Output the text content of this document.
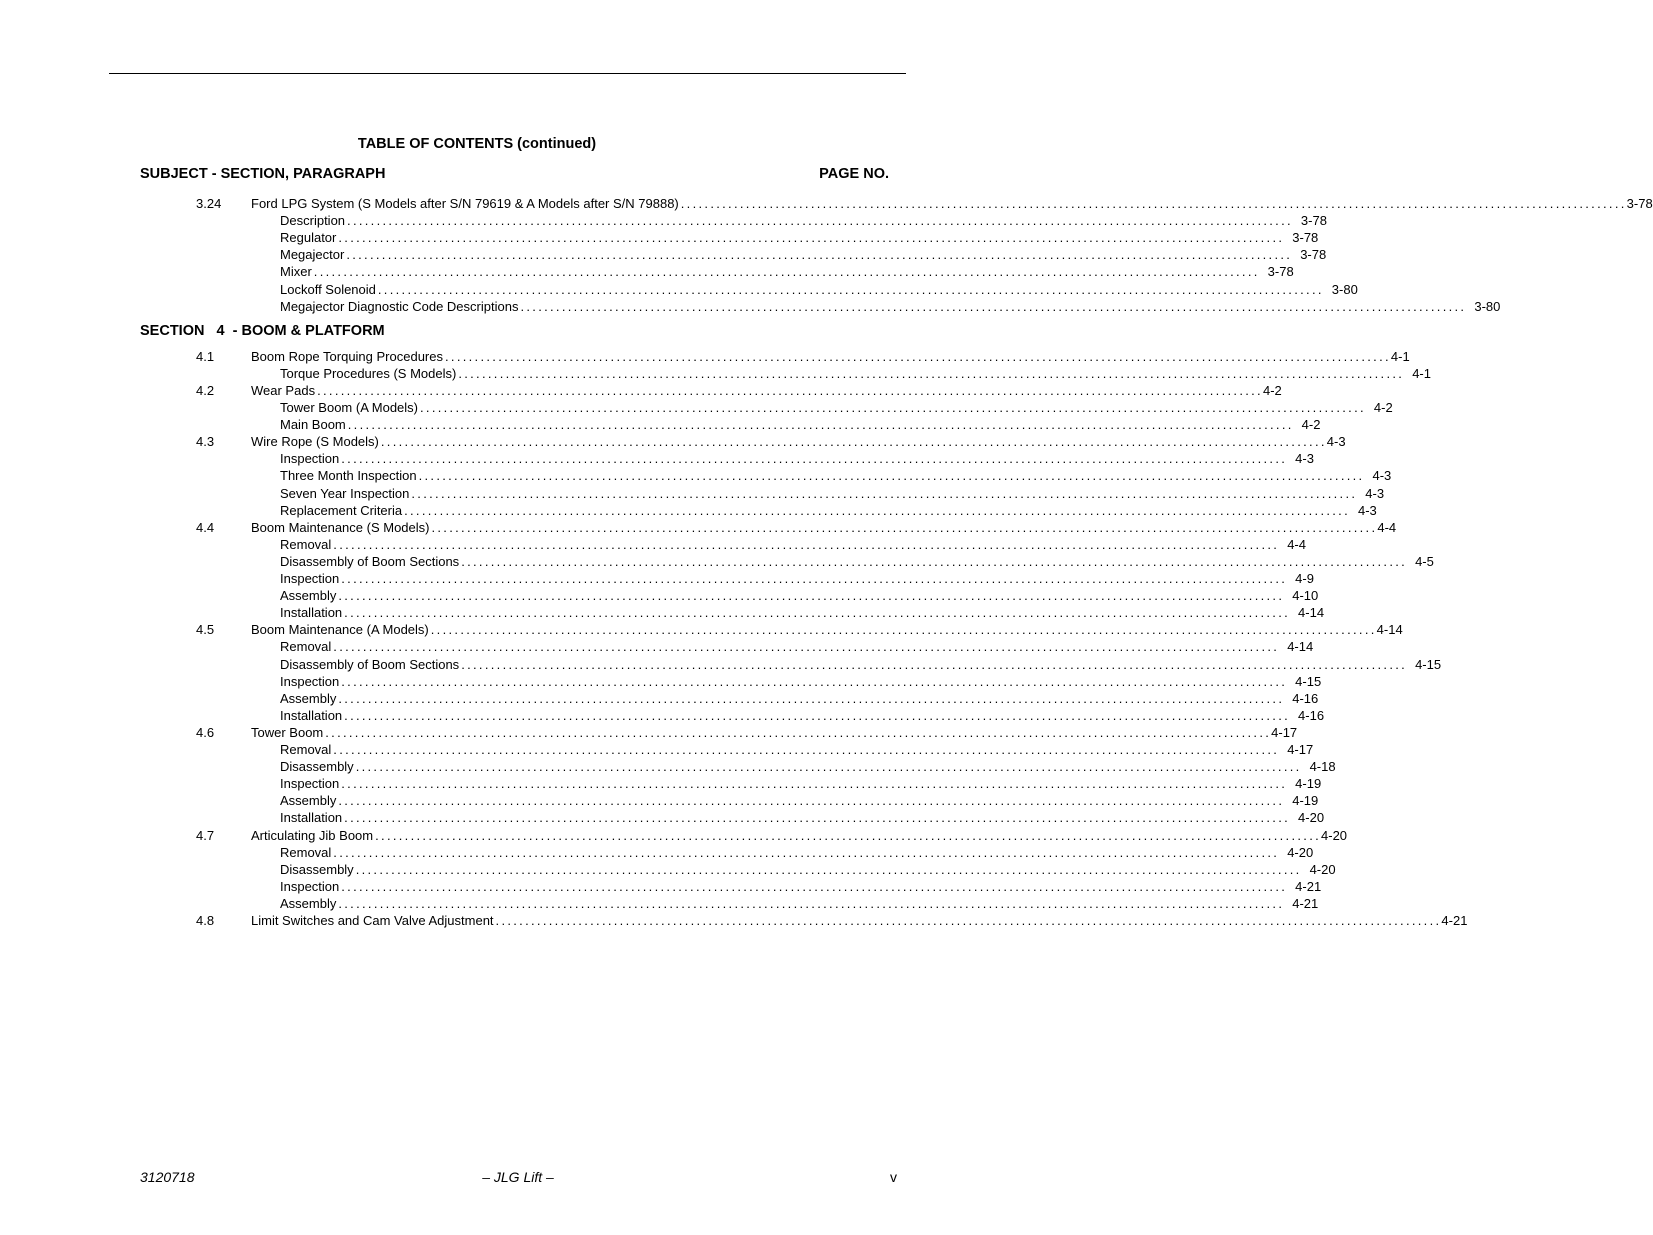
TABLE OF CONTENTS (continued)
SUBJECT - SECTION, PARAGRAPH	PAGE NO.
3.24 Ford LPG System (S Models after S/N 79619 & A Models after S/N 79888) ................................................................................................................................................................ 3-78
Description ................................................................................................................................................................ 3-78
Regulator ................................................................................................................................................................ 3-78
Megajector ................................................................................................................................................................ 3-78
Mixer ................................................................................................................................................................ 3-78
Lockoff Solenoid ................................................................................................................................................................ 3-80
Megajector Diagnostic Code Descriptions ................................................................................................................................................................ 3-80
SECTION   4  - BOOM & PLATFORM
4.1	Boom Rope Torquing Procedures ................................................................................................................................................................ 4-1
Torque Procedures (S Models) ................................................................................................................................................................ 4-1
4.2	Wear Pads ................................................................................................................................................................ 4-2
Tower Boom (A Models) ................................................................................................................................................................ 4-2
Main Boom ................................................................................................................................................................ 4-2
4.3	Wire Rope (S Models) ................................................................................................................................................................ 4-3
Inspection ................................................................................................................................................................ 4-3
Three Month Inspection ................................................................................................................................................................ 4-3
Seven Year Inspection ................................................................................................................................................................ 4-3
Replacement Criteria ................................................................................................................................................................ 4-3
4.4	Boom Maintenance (S Models) ................................................................................................................................................................ 4-4
Removal ................................................................................................................................................................ 4-4
Disassembly of Boom Sections ................................................................................................................................................................ 4-5
Inspection ................................................................................................................................................................ 4-9
Assembly ................................................................................................................................................................ 4-10
Installation ................................................................................................................................................................ 4-14
4.5	Boom Maintenance (A Models) ................................................................................................................................................................ 4-14
Removal ................................................................................................................................................................ 4-14
Disassembly of Boom Sections ................................................................................................................................................................ 4-15
Inspection ................................................................................................................................................................ 4-15
Assembly ................................................................................................................................................................ 4-16
Installation ................................................................................................................................................................ 4-16
4.6	Tower Boom ................................................................................................................................................................ 4-17
Removal ................................................................................................................................................................ 4-17
Disassembly ................................................................................................................................................................ 4-18
Inspection ................................................................................................................................................................ 4-19
Assembly ................................................................................................................................................................ 4-19
Installation ................................................................................................................................................................ 4-20
4.7	Articulating Jib Boom ................................................................................................................................................................ 4-20
Removal ................................................................................................................................................................ 4-20
Disassembly ................................................................................................................................................................ 4-20
Inspection ................................................................................................................................................................ 4-21
Assembly ................................................................................................................................................................ 4-21
4.8	Limit Switches and Cam Valve Adjustment ................................................................................................................................................................ 4-21
3120718	– JLG Lift –	v
